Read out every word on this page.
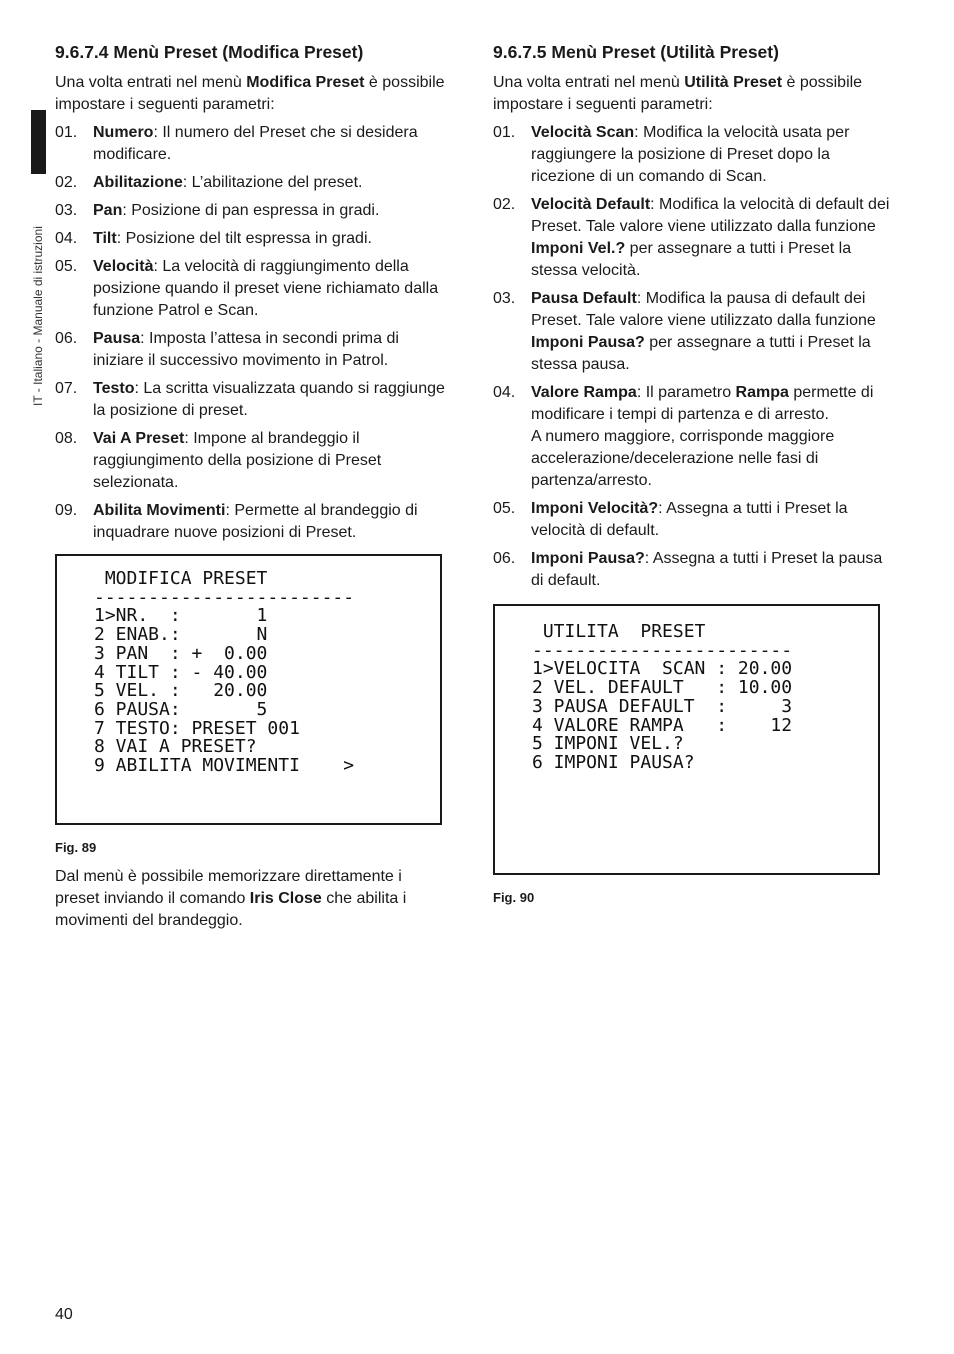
IT - Italiano - Manuale di istruzioni
9.6.7.4 Menù Preset (Modifica Preset)

Una volta entrati nel menù Modifica Preset è possibile impostare i seguenti parametri:

01. Numero: Il numero del Preset che si desidera modificare.
02. Abilitazione: L’abilitazione del preset.
03. Pan: Posizione di pan espressa in gradi.
04. Tilt: Posizione del tilt espressa in gradi.
05. Velocità: La velocità di raggiungimento della posizione quando il preset viene richiamato dalla funzione Patrol e Scan.
06. Pausa: Imposta l’attesa in secondi prima di iniziare il successivo movimento in Patrol.
07. Testo: La scritta visualizzata quando si raggiunge la posizione di preset.
08. Vai A Preset: Impone al brandeggio il raggiungimento della posizione di Preset selezionata.
09. Abilita Movimenti: Permette al brandeggio di inquadrare nuove posizioni di Preset.
MODIFICA PRESET
------------------------
1>NR.  :       1
2 ENAB.:       N
3 PAN  : +  0.00
4 TILT : - 40.00
5 VEL. :   20.00
6 PAUSA:       5
7 TESTO: PRESET 001
8 VAI A PRESET?
9 ABILITA MOVIMENTI    >
Fig. 89

Dal menù è possibile memorizzare direttamente i preset inviando il comando Iris Close che abilita i movimenti del brandeggio.

9.6.7.5 Menù Preset (Utilità Preset)

Una volta entrati nel menù Utilità Preset è possibile impostare i seguenti parametri:

01. Velocità Scan: Modifica la velocità usata per raggiungere la posizione di Preset dopo la ricezione di un comando di Scan.
02. Velocità Default: Modifica la velocità di default dei Preset. Tale valore viene utilizzato dalla funzione Imponi Vel.? per assegnare a tutti i Preset la stessa velocità.
03. Pausa Default: Modifica la pausa di default dei Preset. Tale valore viene utilizzato dalla funzione Imponi Pausa? per assegnare a tutti i Preset la stessa pausa.
04. Valore Rampa: Il parametro Rampa permette di modificare i tempi di partenza e di arresto.
A numero maggiore, corrisponde maggiore accelerazione/decelerazione nelle fasi di partenza/arresto.
05. Imponi Velocità?: Assegna a tutti i Preset la velocità di default.
06. Imponi Pausa?: Assegna a tutti i Preset la pausa di default.
UTILITA  PRESET
------------------------
1>VELOCITA  SCAN : 20.00
2 VEL. DEFAULT   : 10.00
3 PAUSA DEFAULT  :     3
4 VALORE RAMPA   :    12
5 IMPONI VEL.?
6 IMPONI PAUSA?
Fig. 90
40
